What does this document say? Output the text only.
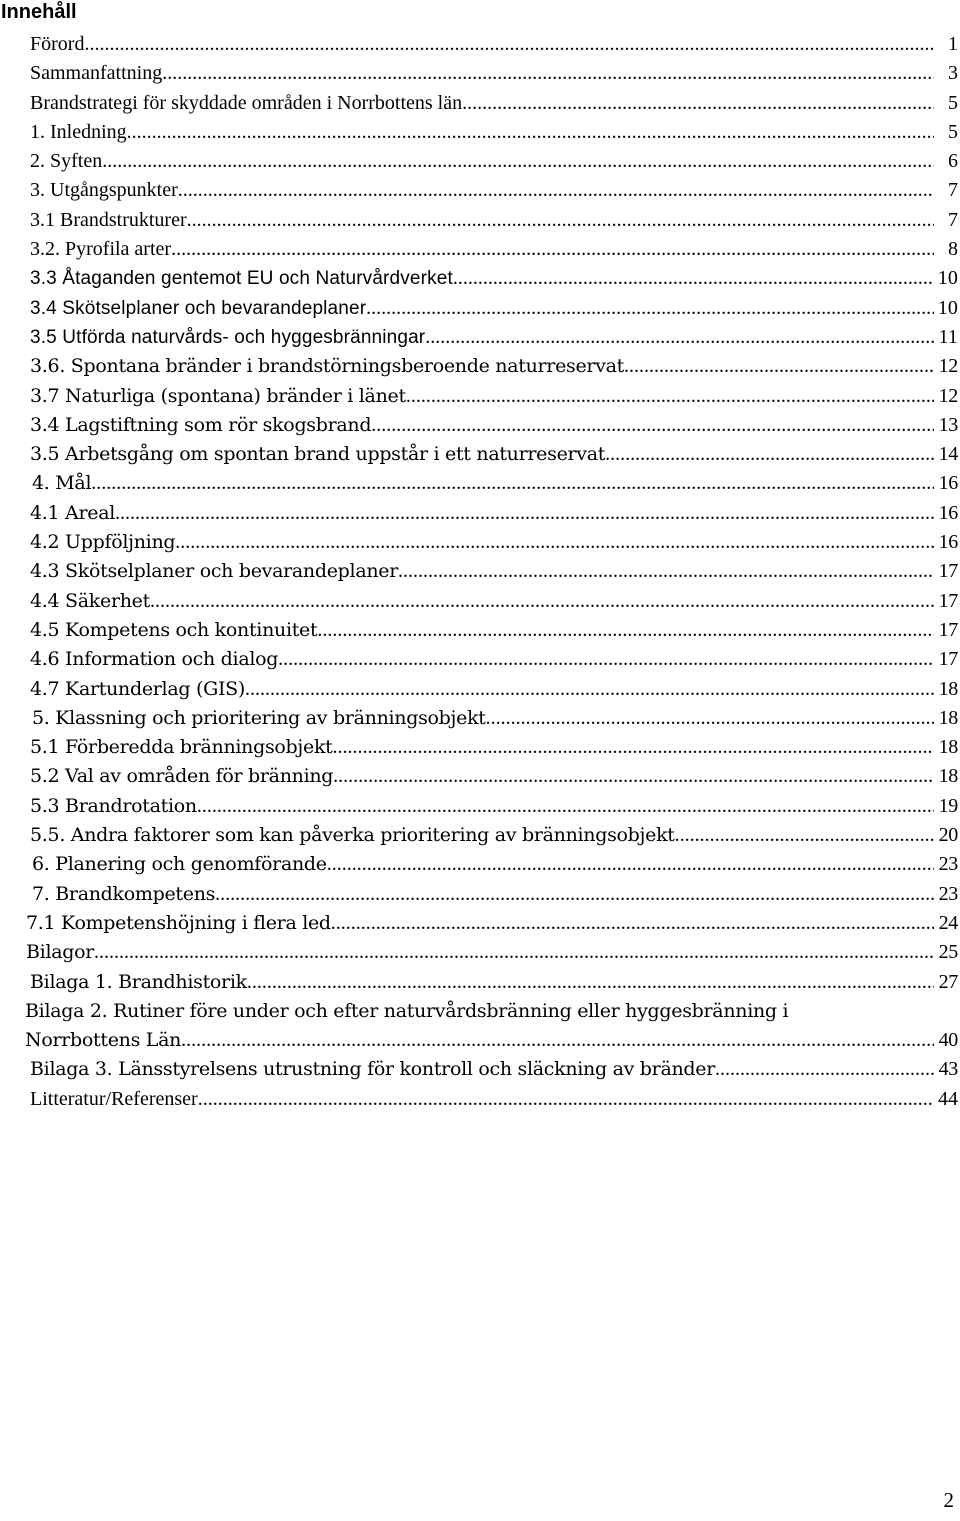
Innehåll
Förord .....	1
Sammanfattning .....	3
Brandstrategi för skyddade områden i Norrbottens län .....	5
1. Inledning .....	5
2. Syften .....	6
3. Utgångspunkter .....	7
3.1 Brandstrukturer .....	7
3.2. Pyrofila arter .....	8
3.3 Åtaganden gentemot EU och Naturvårdverket .....	10
3.4 Skötselplaner och bevarandeplaner .....	10
3.5 Utförda naturvårds- och hyggesbränningar .....	11
3.6. Spontana bränder i brandstörningsberoende naturreservat .....	12
3.7 Naturliga (spontana) bränder i länet .....	12
3.4 Lagstiftning som rör skogsbrand .....	13
3.5 Arbetsgång om spontan brand uppstår i ett naturreservat .....	14
4. Mål .....	16
4.1 Areal .....	16
4.2 Uppföljning .....	16
4.3 Skötselplaner och bevarandeplaner .....	17
4.4 Säkerhet .....	17
4.5 Kompetens och kontinuitet .....	17
4.6 Information och dialog .....	17
4.7 Kartunderlag (GIS) .....	18
5. Klassning och prioritering av bränningsobjekt .....	18
5.1 Förberedda bränningsobjekt .....	18
5.2 Val av områden för bränning .....	18
5.3 Brandrotation .....	19
5.5. Andra faktorer som kan påverka prioritering av bränningsobjekt .....	20
6. Planering och genomförande .....	23
7. Brandkompetens .....	23
7.1 Kompetenshöjning i flera led .....	24
Bilagor .....	25
Bilaga 1. Brandhistorik .....	27
Bilaga 2. Rutiner före under och efter naturvårdsbränning eller hyggesbränning i
Norrbottens Län .....	40
Bilaga 3. Länsstyrelsens utrustning för kontroll och släckning av bränder .....	43
Litteratur/Referenser .....	44
2
